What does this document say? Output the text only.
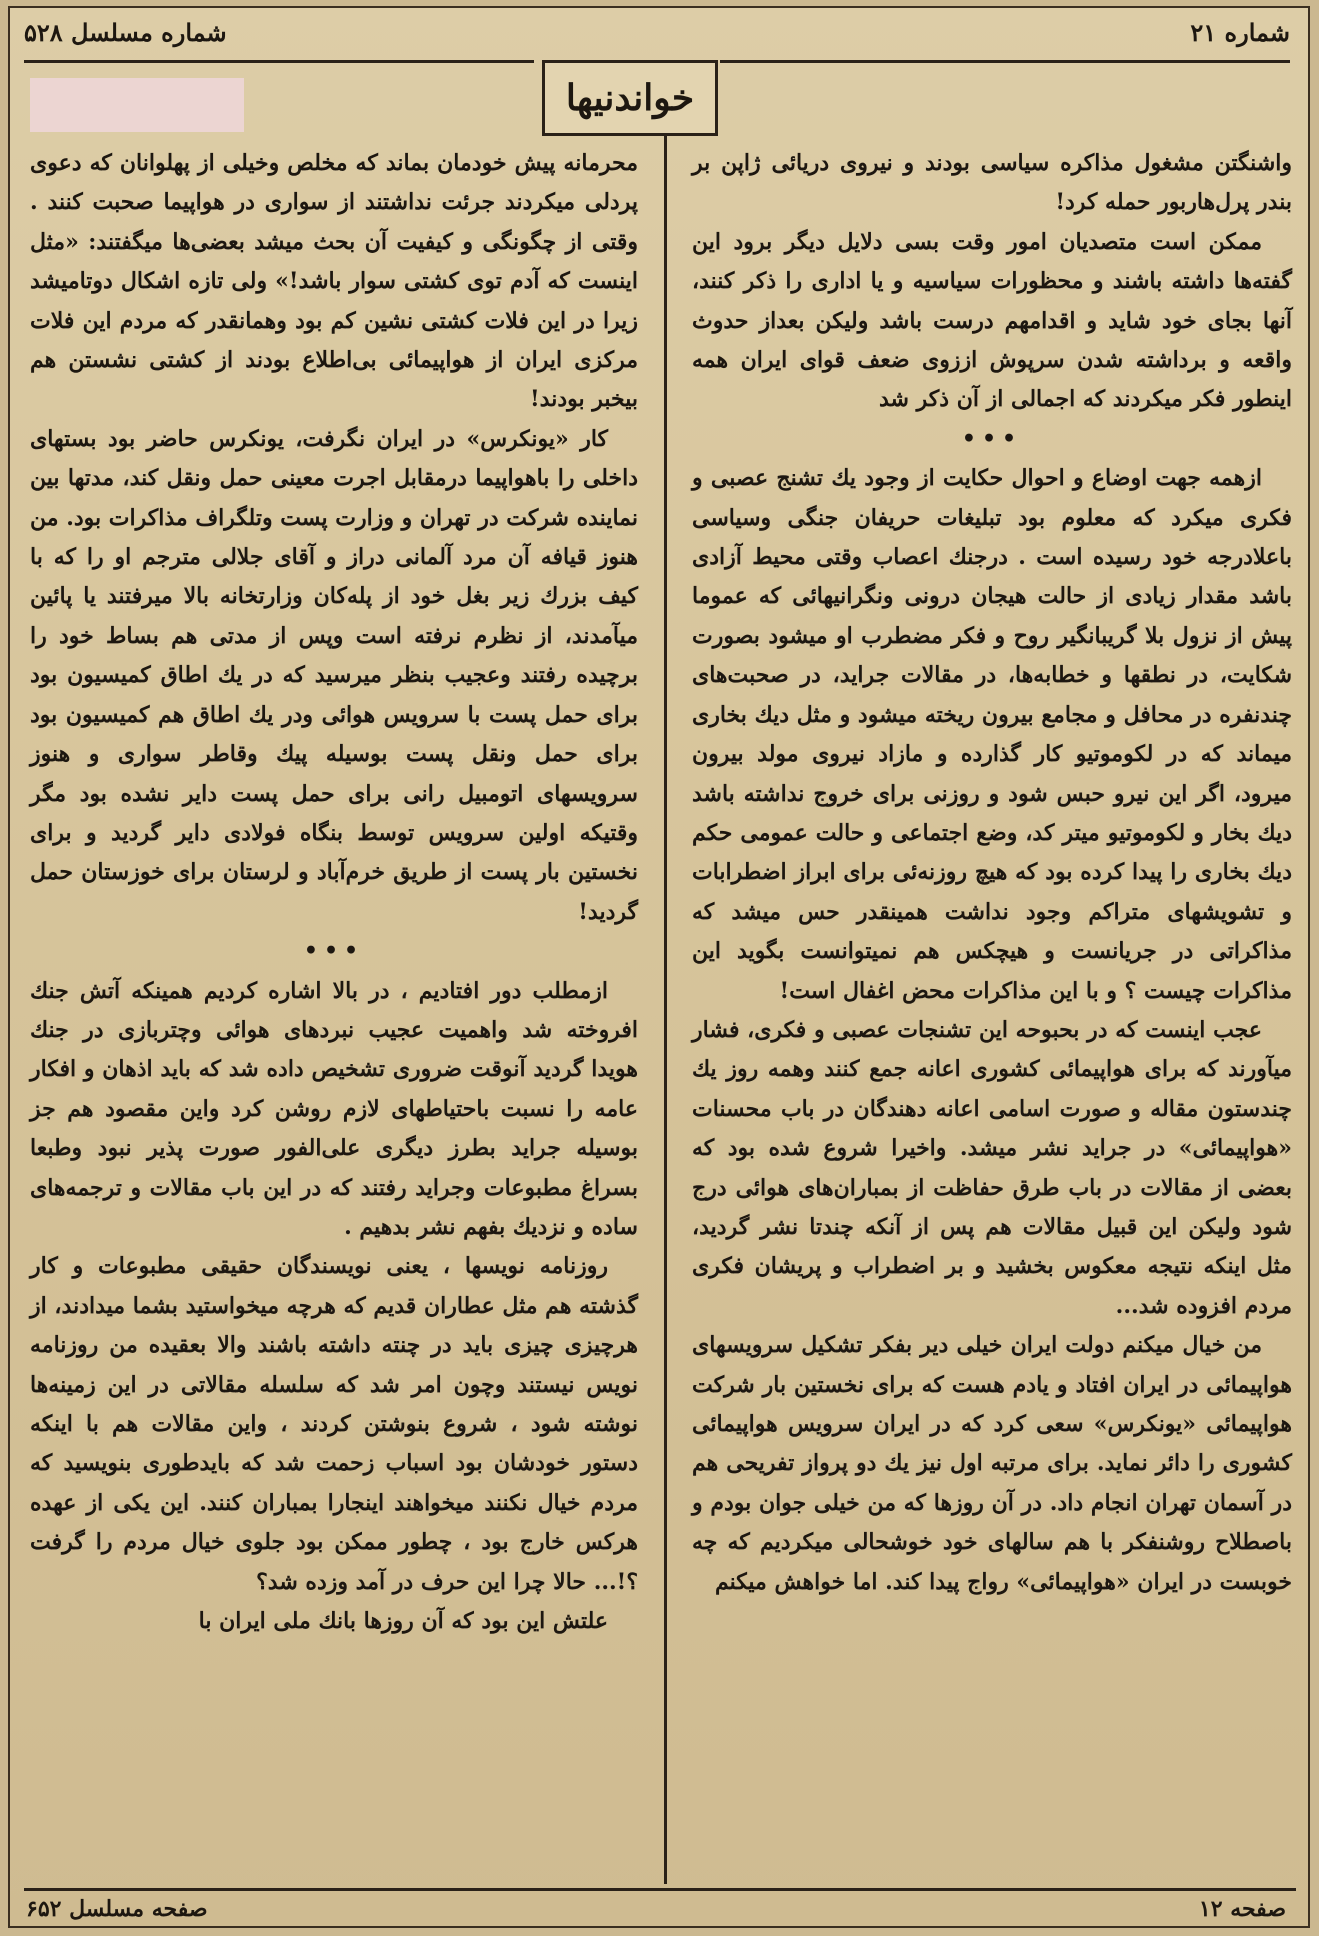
شماره مسلسل ۵۲۸	شماره ۲۱
خواندنیها

واشنگتن مشغول مذاکره سیاسی بودند و نیروی دریائی ژاپن بر بندر پرل‌هاربور حمله کرد!

ممکن است متصدیان امور وقت بسی دلایل دیگر برود این گفته‌ها داشته باشند و محظورات سیاسیه و یا اداری را ذکر کنند، آنها بجای خود شاید و اقدامهم درست باشد ولیکن بعداز حدوث واقعه و برداشته شدن سرپوش اززوی ضعف قوای ایران همه اینطور فکر میکردند که اجمالی از آن ذکر شد

•••

ازهمه جهت اوضاع و احوال حکایت از وجود یك تشنج عصبی و فکری میکرد که معلوم بود تبلیغات حریفان جنگی وسیاسی باعلادرجه خود رسیده است . درجنك اعصاب وقتی محیط آزادی باشد مقدار زیادی از حالت هیجان درونی ونگرانیهائی که عموما پیش از نزول بلا گریبانگیر روح و فکر مضطرب او میشود بصورت شکایت، در نطقها و خطابه‌ها، در مقالات جراید، در صحبت‌های چندنفره در محافل و مجامع بیرون ریخته میشود و مثل دیك بخاری میماند که در لکوموتیو کار گذارده و مازاد نیروی مولد بیرون میرود، اگر این نیرو حبس شود و روزنی برای خروج نداشته باشد دیك بخار و لکوموتیو میتر کد، وضع اجتماعی و حالت عمومی حکم دیك بخاری را پیدا کرده بود که هیچ روزنه‌ئی برای ابراز اضطرابات و تشویشهای متراکم وجود نداشت همینقدر حس میشد که مذاکراتی در جریانست و هیچکس هم نمیتوانست بگوید این مذاکرات چیست ؟ و با این مذاکرات محض اغفال است!

عجب اینست که در بحبوحه این تشنجات عصبی و فکری، فشار میآورند که برای هواپیمائی کشوری اعانه جمع کنند وهمه روز یك چندستون مقاله و صورت اسامی اعانه دهندگان در باب محسنات «هواپیمائی» در جراید نشر میشد. واخیرا شروع شده بود که بعضی از مقالات در باب طرق حفاظت از بمباران‌های هوائی درج شود ولیکن این قبیل مقالات هم پس از آنکه چندتا نشر گردید، مثل اینکه نتیجه معکوس بخشید و بر اضطراب و پریشان فکری مردم افزوده شد...

من خیال میکنم دولت ایران خیلی دیر بفکر تشکیل سرویسهای هواپیمائی در ایران افتاد و یادم هست که برای نخستین بار شرکت هواپیمائی «یونکرس» سعی کرد که در ایران سرویس هواپیمائی کشوری را دائر نماید. برای مرتبه اول نیز یك دو پرواز تفریحی هم در آسمان تهران انجام داد. در آن روزها که من خیلی جوان بودم و باصطلاح روشنفکر با هم سالهای خود خوشحالی میکردیم که چه خوبست در ایران «هواپیمائی» رواج پیدا کند. اما خواهش میکنم

محرمانه پیش خودمان بماند که مخلص وخیلی از پهلوانان که دعوی پردلی میکردند جرئت نداشتند از سواری در هواپیما صحبت کنند . وقتی از چگونگی و کیفیت آن بحث میشد بعضی‌ها میگفتند: «مثل اینست که آدم توی کشتی سوار باشد!» ولی تازه اشکال دوتامیشد زیرا در این فلات کشتی نشین کم بود وهمانقدر که مردم این فلات مرکزی ایران از هواپیمائی بی‌اطلاع بودند از کشتی نشستن هم بیخبر بودند!

کار «یونکرس» در ایران نگرفت، یونکرس حاضر بود بستهای داخلی را باهواپیما درمقابل اجرت معینی حمل ونقل کند، مدتها بین نماینده شرکت در تهران و وزارت پست وتلگراف مذاکرات بود. من هنوز قیافه آن مرد آلمانی دراز و آقای جلالی مترجم او را که با کیف بزرك زیر بغل خود از پله‌کان وزارتخانه بالا میرفتند یا پائین میآمدند، از نظرم نرفته است وپس از مدتی هم بساط خود را برچیده رفتند وعجیب بنظر میرسید که در یك اطاق کمیسیون بود برای حمل پست با سرویس هوائی ودر یك اطاق هم کمیسیون بود برای حمل ونقل پست بوسیله پیك وقاطر سواری و هنوز سرویسهای اتومبیل رانی برای حمل پست دایر نشده بود مگر وقتیکه اولین سرویس توسط بنگاه فولادی دایر گردید و برای نخستین بار پست از طریق خرم‌آباد و لرستان برای خوزستان حمل گردید!

•••

ازمطلب دور افتادیم ، در بالا اشاره کردیم همینکه آتش جنك افروخته شد واهمیت عجیب نبردهای هوائی وچتربازی در جنك هویدا گردید آنوقت ضروری تشخیص داده شد که باید اذهان و افکار عامه را نسبت باحتیاطهای لازم روشن کرد واین مقصود هم جز بوسیله جراید بطرز دیگری علی‌الفور صورت پذیر نبود وطبعا بسراغ مطبوعات وجراید رفتند که در این باب مقالات و ترجمه‌های ساده و نزدیك بفهم نشر بدهیم .

روزنامه نویسها ، یعنی نویسندگان حقیقی مطبوعات و کار گذشته هم مثل عطاران قدیم که هرچه میخواستید بشما میدادند، از هرچیزی چیزی باید در چنته داشته باشند والا بعقیده من روزنامه نویس نیستند وچون امر شد که سلسله مقالاتی در این زمینه‌ها نوشته شود ، شروع بنوشتن کردند ، واین مقالات هم با اینکه دستور خودشان بود اسباب زحمت شد که بایدطوری بنویسید که مردم خیال نکنند میخواهند اینجارا بمباران کنند. این یکی از عهده هرکس خارج بود ، چطور ممکن بود جلوی خیال مردم را گرفت ؟!... حالا چرا این حرف در آمد وزده شد؟

علتش این بود که آن روزها بانك ملی ایران با

صفحه مسلسل ۶۵۲	صفحه ۱۲
